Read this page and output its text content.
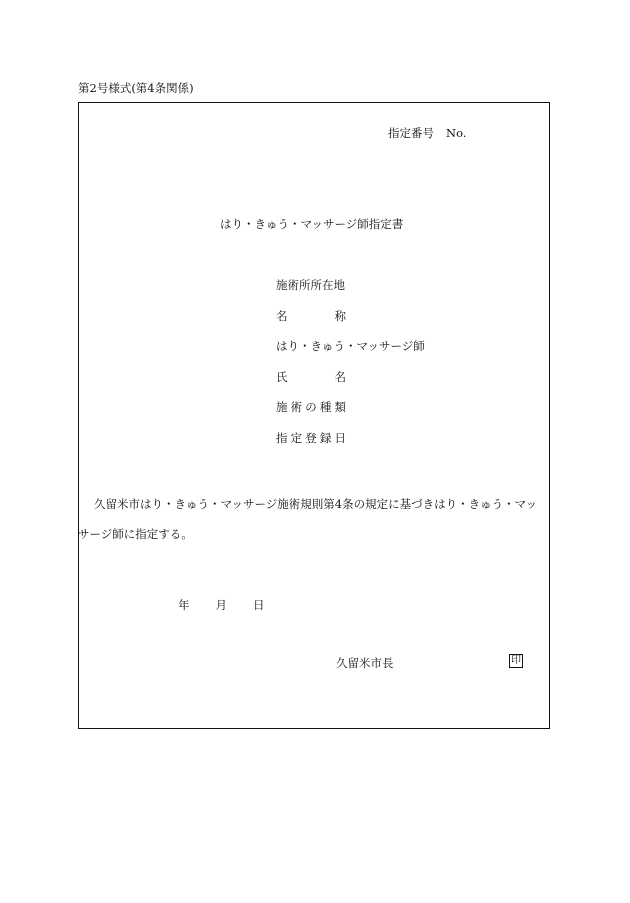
第2号様式(第4条関係)
指定番号 No.
はり・きゅう・マッサージ師指定書
施術所所在地
名	称
はり・きゅう・マッサージ師
氏	名
施 術 の 種 類
指 定 登 録 日
久留米市はり・きゅう・マッサージ施術規則第4条の規定に基づきはり・きゅう・マッ
サージ師に指定する。
年 月 日
久留米市長	印
